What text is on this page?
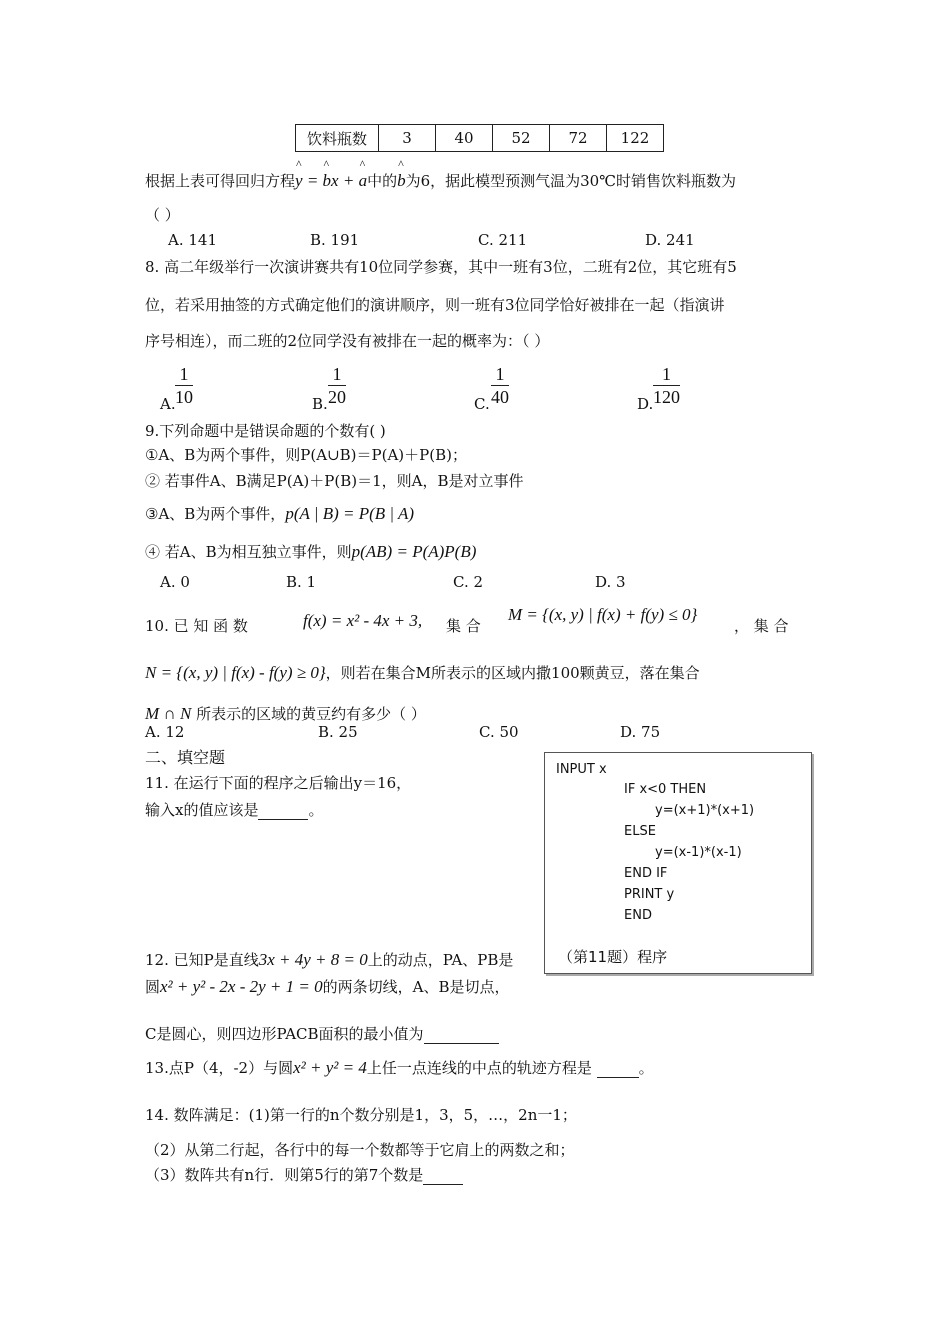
饮料瓶数	3	40	52	72	122
根据上表可得回归方程^ y = ^ bx + ^ a中的^ b为6，据此模型预测气温为30℃时销售饮料瓶数为
（ ）
A. 141	B. 191	C. 211	D. 241
8. 高二年级举行一次演讲赛共有10位同学参赛，其中一班有3位，二班有2位，其它班有5
位，若采用抽签的方式确定他们的演讲顺序，则一班有3位同学恰好被排在一起（指演讲
序号相连），而二班的2位同学没有被排在一起的概率为：（ ）
A. $\frac{1}{10}$	B. $\frac{1}{20}$	C. $\frac{1}{40}$	D. $\frac{1}{120}$
9.下列命题中是错误命题的个数有( )
①A、B为两个事件，则P(A∪B)＝P(A)＋P(B)；
② 若事件A、B满足P(A)＋P(B)＝1，则A，B是对立事件
③A、B为两个事件，p(A | B) = P(B | A)
④ 若A、B为相互独立事件，则p(AB) = P(A)P(B)
A. 0	B. 1	C. 2	D. 3
10. 已 知 函 数	f(x) = x² - 4x + 3, 集 合
M = {(x, y) | f(x) + f(y) ≤ 0}
， 集 合
N = {(x, y) | f(x) - f(y) ≥ 0}，则若在集合M所表示的区域内撒100颗黄豆，落在集合
M ∩ N 所表示的区域的黄豆约有多少（ ）
A. 12	B. 25	C. 50	D. 75
二、填空题
11. 在运行下面的程序之后输出y＝16，
输入x的值应该是	。
INPUT x
IF x<0 THEN
y=(x+1)*(x+1)
ELSE
y=(x-1)*(x-1)
END IF
PRINT y
END
（第11题）程序
12. 已知P是直线3x + 4y + 8 = 0上的动点，PA、PB是
圆x² + y² - 2x - 2y + 1 = 0的两条切线，A、B是切点，
C是圆心，则四边形PACB面积的最小值为
13.点P（4，-2）与圆x² + y² = 4上任一点连线的中点的轨迹方程是	。
14. 数阵满足：(1)第一行的n个数分别是1，3，5，…，2n一1；
（2）从第二行起，各行中的每一个数都等于它肩上的两数之和；
（3）数阵共有n行．则第5行的第7个数是
